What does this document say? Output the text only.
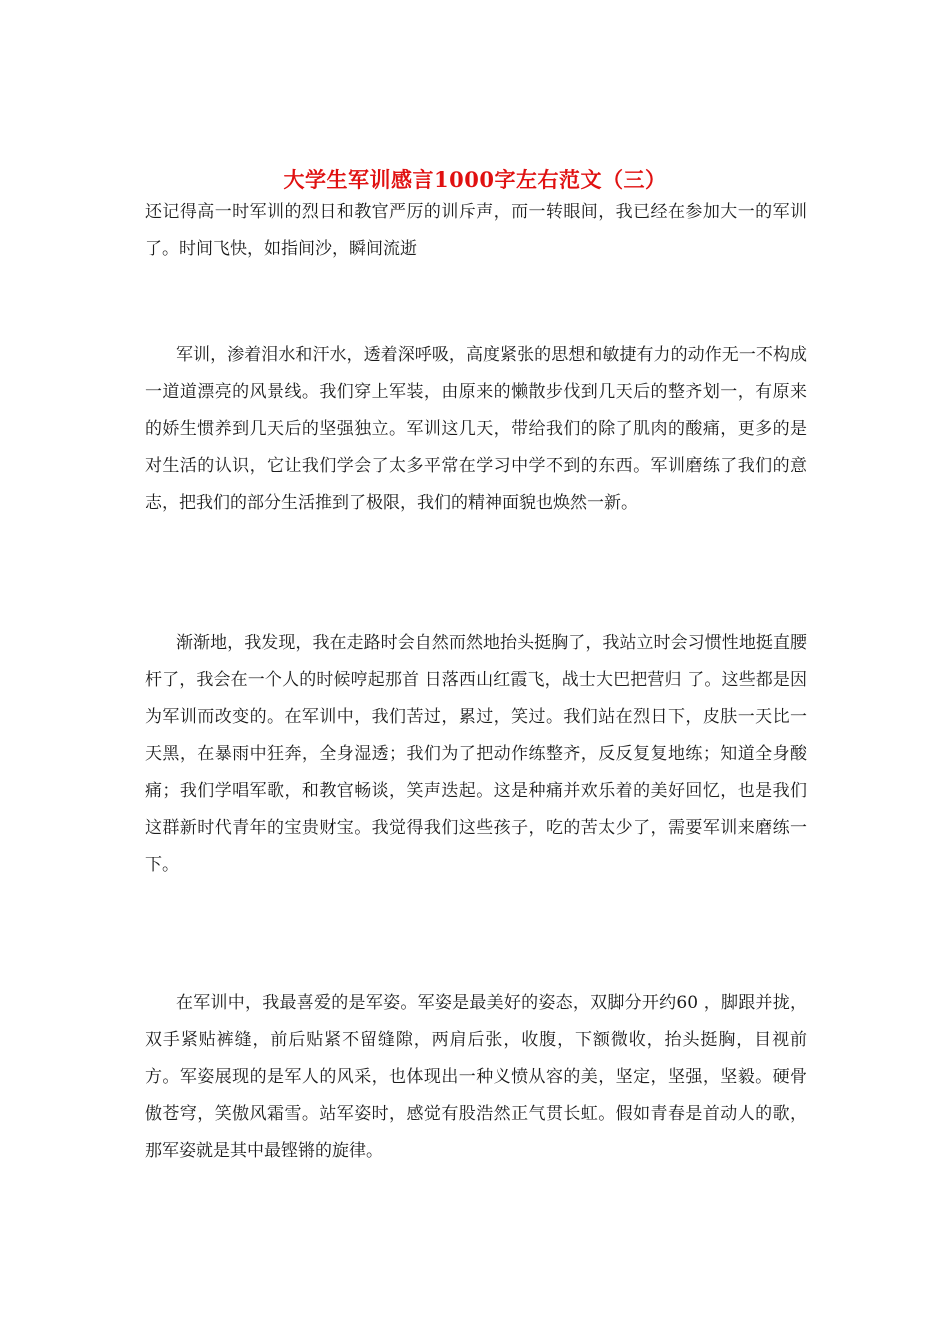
大学生军训感言1000字左右范文（三）

还记得高一时军训的烈日和教官严厉的训斥声，而一转眼间，我已经在参加大一的军训了。时间飞快，如指间沙，瞬间流逝

军训，渗着泪水和汗水，透着深呼吸，高度紧张的思想和敏捷有力的动作无一不构成一道道漂亮的风景线。我们穿上军装，由原来的懒散步伐到几天后的整齐划一，有原来的娇生惯养到几天后的坚强独立。军训这几天，带给我们的除了肌肉的酸痛，更多的是对生活的认识，它让我们学会了太多平常在学习中学不到的东西。军训磨练了我们的意志，把我们的部分生活推到了极限，我们的精神面貌也焕然一新。

渐渐地，我发现，我在走路时会自然而然地抬头挺胸了，我站立时会习惯性地挺直腰杆了，我会在一个人的时候哼起那首 日落西山红霞飞，战士大巴把营归 了。这些都是因为军训而改变的。在军训中，我们苦过，累过，笑过。我们站在烈日下，皮肤一天比一天黑，在暴雨中狂奔，全身湿透；我们为了把动作练整齐，反反复复地练；知道全身酸痛；我们学唱军歌，和教官畅谈，笑声迭起。这是种痛并欢乐着的美好回忆，也是我们这群新时代青年的宝贵财宝。我觉得我们这些孩子，吃的苦太少了，需要军训来磨练一下。

在军训中，我最喜爱的是军姿。军姿是最美好的姿态，双脚分开约60 ，脚跟并拢，双手紧贴裤缝，前后贴紧不留缝隙，两肩后张，收腹，下额微收，抬头挺胸，目视前方。军姿展现的是军人的风采，也体现出一种义愤从容的美，坚定，坚强，坚毅。硬骨傲苍穹，笑傲风霜雪。站军姿时，感觉有股浩然正气贯长虹。假如青春是首动人的歌，那军姿就是其中最铿锵的旋律。
